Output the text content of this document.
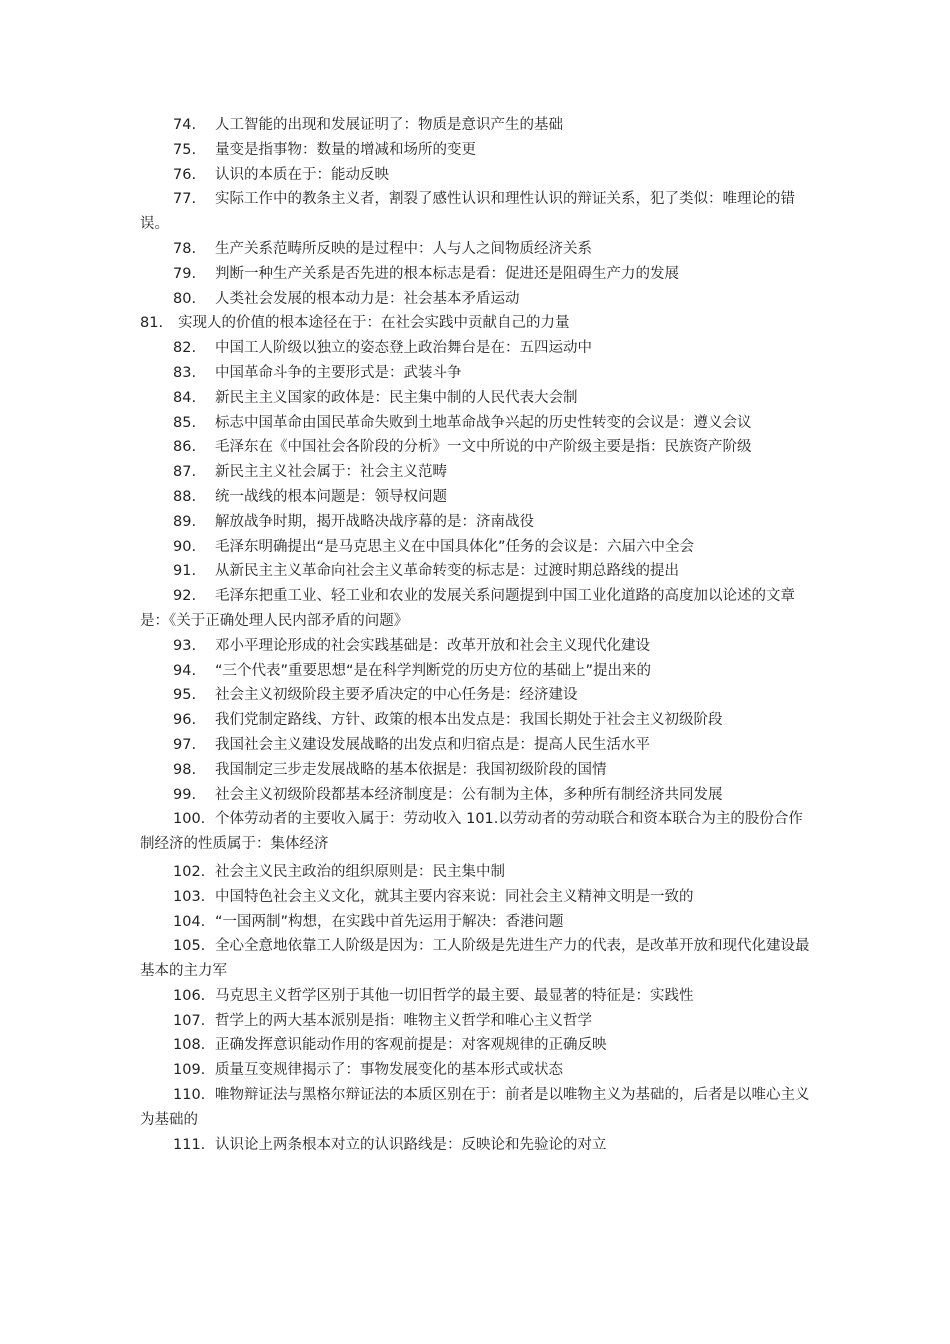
74. 人工智能的出现和发展证明了：物质是意识产生的基础

75. 量变是指事物：数量的增减和场所的变更

76. 认识的本质在于：能动反映

77. 实际工作中的教条主义者，割裂了感性认识和理性认识的辩证关系，犯了类似：唯理论的错误。

78. 生产关系范畴所反映的是过程中：人与人之间物质经济关系

79. 判断一种生产关系是否先进的根本标志是看：促进还是阻碍生产力的发展

80. 人类社会发展的根本动力是：社会基本矛盾运动

81. 实现人的价值的根本途径在于：在社会实践中贡献自己的力量

82. 中国工人阶级以独立的姿态登上政治舞台是在：五四运动中

83. 中国革命斗争的主要形式是：武装斗争

84. 新民主主义国家的政体是：民主集中制的人民代表大会制

85. 标志中国革命由国民革命失败到土地革命战争兴起的历史性转变的会议是：遵义会议

86. 毛泽东在《中国社会各阶段的分析》一文中所说的中产阶级主要是指：民族资产阶级

87. 新民主主义社会属于：社会主义范畴

88. 统一战线的根本问题是：领导权问题

89. 解放战争时期，揭开战略决战序幕的是：济南战役

90. 毛泽东明确提出“是马克思主义在中国具体化”任务的会议是：六届六中全会

91. 从新民主主义革命向社会主义革命转变的标志是：过渡时期总路线的提出

92. 毛泽东把重工业、轻工业和农业的发展关系问题提到中国工业化道路的高度加以论述的文章是：《关于正确处理人民内部矛盾的问题》

93. 邓小平理论形成的社会实践基础是：改革开放和社会主义现代化建设

94. “三个代表”重要思想“是在科学判断党的历史方位的基础上”提出来的

95. 社会主义初级阶段主要矛盾决定的中心任务是：经济建设

96. 我们党制定路线、方针、政策的根本出发点是：我国长期处于社会主义初级阶段

97. 我国社会主义建设发展战略的出发点和归宿点是：提高人民生活水平

98. 我国制定三步走发展战略的基本依据是：我国初级阶段的国情

99. 社会主义初级阶段都基本经济制度是：公有制为主体，多种所有制经济共同发展

100. 个体劳动者的主要收入属于：劳动收入 101.以劳动者的劳动联合和资本联合为主的股份合作制经济的性质属于：集体经济

102. 社会主义民主政治的组织原则是：民主集中制

103. 中国特色社会主义文化，就其主要内容来说：同社会主义精神文明是一致的

104. “一国两制”构想，在实践中首先运用于解决：香港问题

105. 全心全意地依靠工人阶级是因为：工人阶级是先进生产力的代表，是改革开放和现代化建设最基本的主力军

106. 马克思主义哲学区别于其他一切旧哲学的最主要、最显著的特征是：实践性

107. 哲学上的两大基本派别是指：唯物主义哲学和唯心主义哲学

108. 正确发挥意识能动作用的客观前提是：对客观规律的正确反映

109. 质量互变规律揭示了：事物发展变化的基本形式或状态

110. 唯物辩证法与黑格尔辩证法的本质区别在于：前者是以唯物主义为基础的，后者是以唯心主义为基础的

111. 认识论上两条根本对立的认识路线是：反映论和先验论的对立
